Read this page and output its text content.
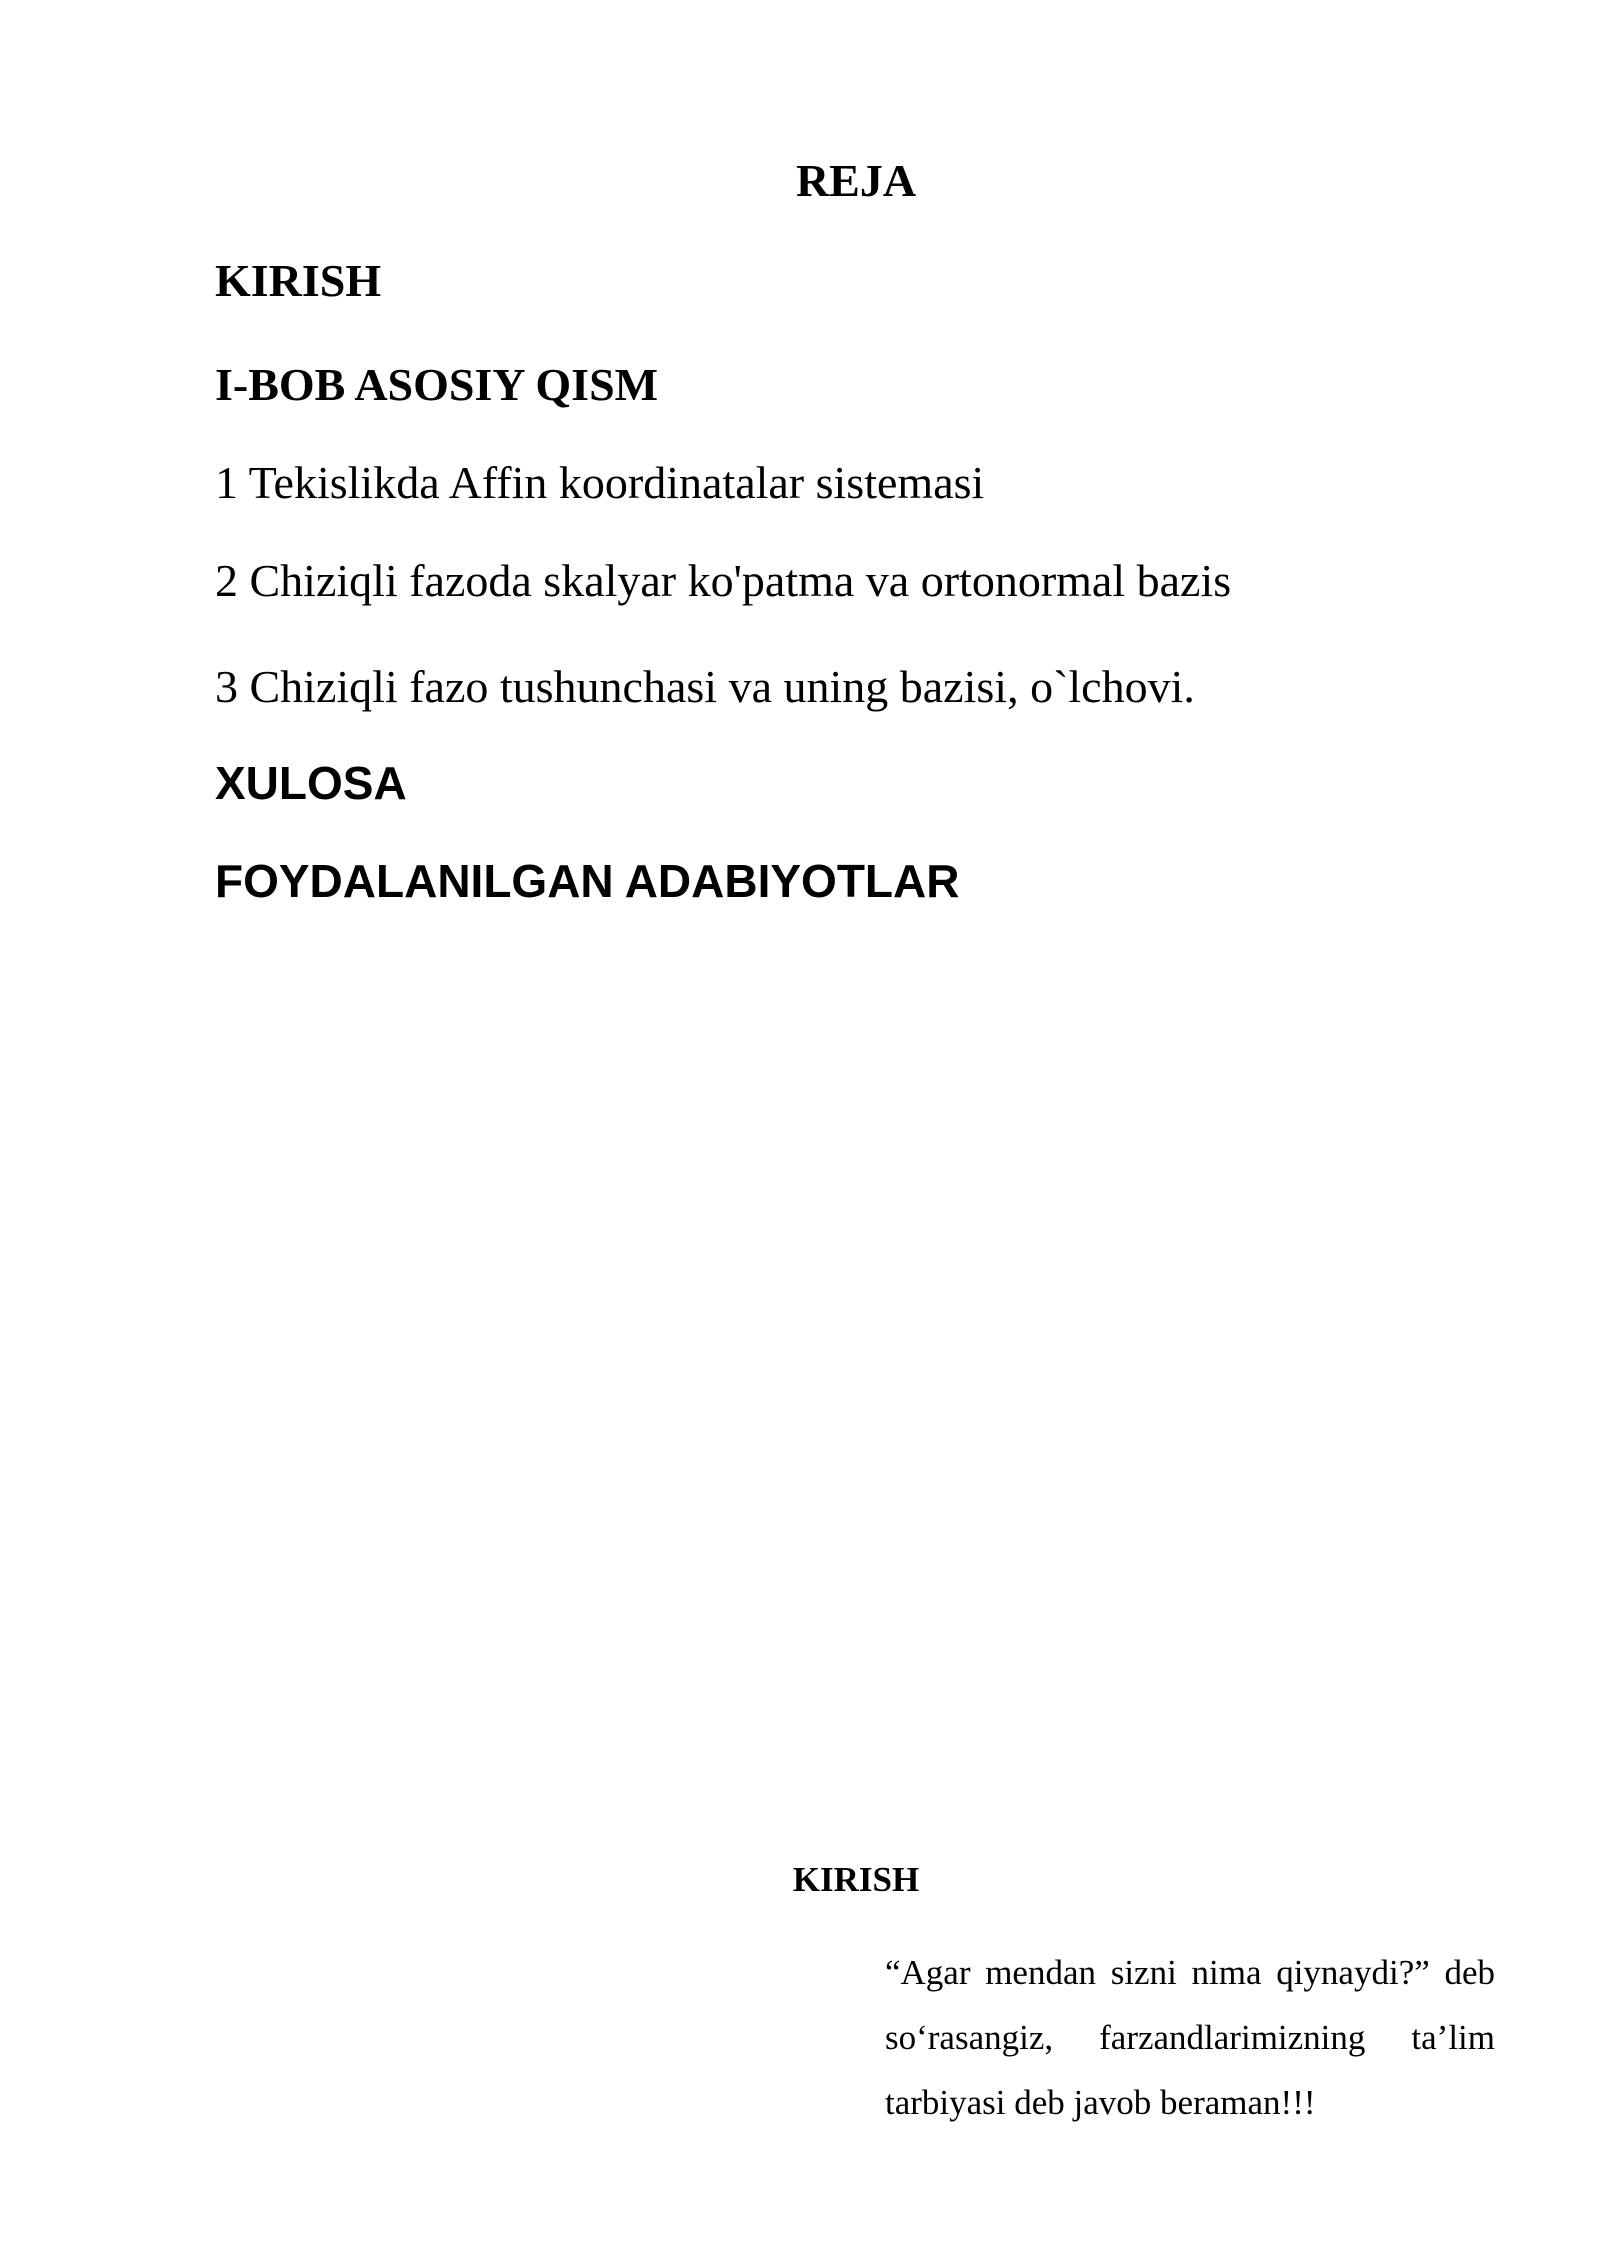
REJA
KIRISH
I-BOB ASOSIY QISM

1 Tekislikda Affin koordinatalar sistemasi

2 Chiziqli fazoda skalyar ko'patma va ortonormal bazis

3 Chiziqli fazo tushunchasi va uning bazisi, o`lchovi.

XULOSA
FOYDALANILGAN ADABIYOTLAR
KIRISH

“Agar mendan sizni nima qiynaydi?” deb so‘rasangiz, farzandlarimizning ta’lim tarbiyasi deb javob beraman!!!
